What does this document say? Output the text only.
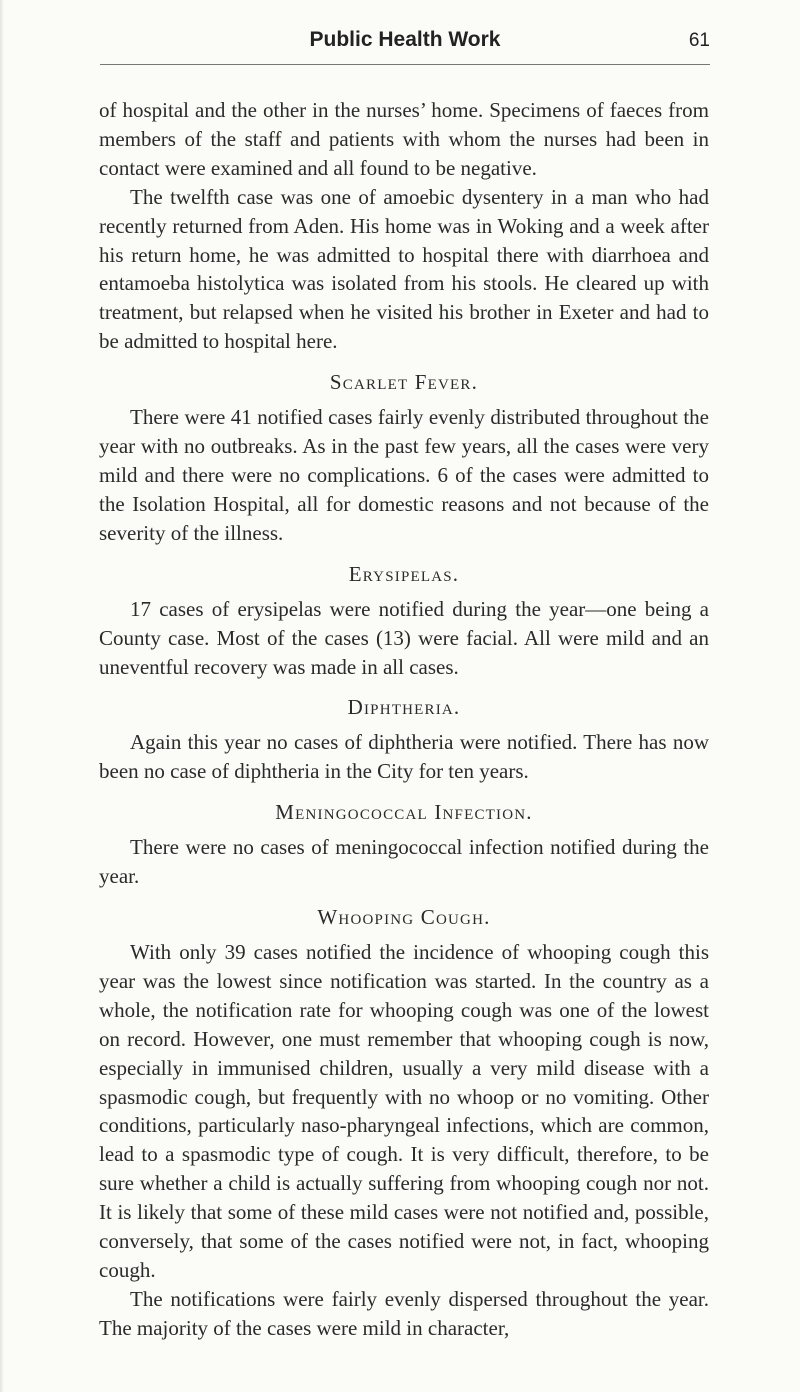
Public Health Work	61

of hospital and the other in the nurses’ home. Specimens of faeces from members of the staff and patients with whom the nurses had been in contact were examined and all found to be negative.

The twelfth case was one of amoebic dysentery in a man who had recently returned from Aden. His home was in Woking and a week after his return home, he was admitted to hospital there with diarrhoea and entamoeba histolytica was isolated from his stools. He cleared up with treatment, but relapsed when he visited his brother in Exeter and had to be admitted to hospital here.

Scarlet Fever.

There were 41 notified cases fairly evenly distributed throughout the year with no outbreaks. As in the past few years, all the cases were very mild and there were no complications. 6 of the cases were admitted to the Isolation Hospital, all for domestic reasons and not because of the severity of the illness.

Erysipelas.

17 cases of erysipelas were notified during the year—one being a County case. Most of the cases (13) were facial. All were mild and an uneventful recovery was made in all cases.

Diphtheria.

Again this year no cases of diphtheria were notified. There has now been no case of diphtheria in the City for ten years.

Meningococcal Infection.

There were no cases of meningococcal infection notified during the year.

Whooping Cough.

With only 39 cases notified the incidence of whooping cough this year was the lowest since notification was started. In the country as a whole, the notification rate for whooping cough was one of the lowest on record. However, one must remember that whooping cough is now, especially in immunised children, usually a very mild disease with a spasmodic cough, but frequently with no whoop or no vomiting. Other conditions, particularly naso-pharyngeal infections, which are common, lead to a spasmodic type of cough. It is very difficult, therefore, to be sure whether a child is actually suffering from whooping cough nor not. It is likely that some of these mild cases were not notified and, possible, conversely, that some of the cases notified were not, in fact, whooping cough.

The notifications were fairly evenly dispersed throughout the year. The majority of the cases were mild in character,
